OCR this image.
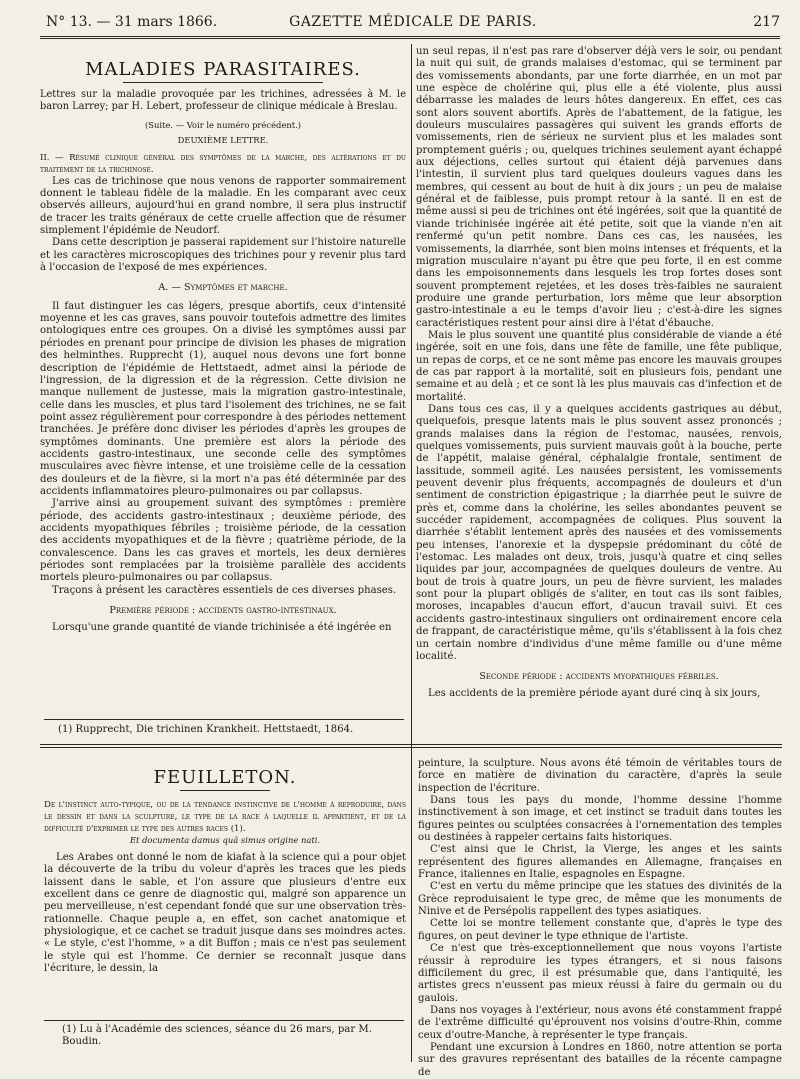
N° 13. — 31 mars 1866.	GAZETTE MÉDICALE DE PARIS.	217
MALADIES PARASITAIRES.

Lettres sur la maladie provoquée par les trichines, adressées à M. le baron Larrey; par H. Lebert, professeur de clinique médicale à Breslau.

(Suite. — Voir le numéro précédent.)

DEUXIÈME LETTRE.

II. — Résumé clinique général des symptômes de la marche, des altérations et du traitement de la trichinose.

Les cas de trichinose que nous venons de rapporter sommairement donnent le tableau fidèle de la maladie. En les comparant avec ceux observés ailleurs, aujourd'hui en grand nombre, il sera plus instructif de tracer les traits généraux de cette cruelle affection que de résumer simplement l'épidémie de Neudorf.

Dans cette description je passerai rapidement sur l'histoire naturelle et les caractères microscopiques des trichines pour y revenir plus tard à l'occasion de l'exposé de mes expériences.

A. — Symptômes et marche.

Il faut distinguer les cas légers, presque abortifs, ceux d'intensité moyenne et les cas graves, sans pouvoir toutefois admettre des limites ontologiques entre ces groupes. On a divisé les symptômes aussi par périodes en prenant pour principe de division les phases de migration des helminthes. Rupprecht (1), auquel nous devons une fort bonne description de l'épidémie de Hettstaedt, admet ainsi la période de l'ingression, de la digression et de la régression. Cette division ne manque nullement de justesse, mais la migration gastro-intestinale, celle dans les muscles, et plus tard l'isolement des trichines, ne se fait point assez régulièrement pour correspondre à des périodes nettement tranchées. Je préfère donc diviser les périodes d'après les groupes de symptômes dominants. Une première est alors la période des accidents gastro-intestinaux, une seconde celle des symptômes musculaires avec fièvre intense, et une troisième celle de la cessation des douleurs et de la fièvre, si la mort n'a pas été déterminée par des accidents inflammatoires pleuro-pulmonaires ou par collapsus.

J'arrive ainsi au groupement suivant des symptômes : première période, des accidents gastro-intestinaux ; deuxième période, des accidents myopathiques fébriles ; troisième période, de la cessation des accidents myopathiques et de la fièvre ; quatrième période, de la convalescence. Dans les cas graves et mortels, les deux dernières périodes sont remplacées par la troisième parallèle des accidents mortels pleuro-pulmonaires ou par collapsus.

Traçons à présent les caractères essentiels de ces diverses phases.

Première période : accidents gastro-intestinaux.

Lorsqu'une grande quantité de viande trichinisée a été ingérée en

(1) Rupprecht, Die trichinen Krankheit. Hettstaedt, 1864.

un seul repas, il n'est pas rare d'observer déjà vers le soir, ou pendant la nuit qui suit, de grands malaises d'estomac, qui se terminent par des vomissements abondants, par une forte diarrhée, en un mot par une espèce de cholérine qui, plus elle a été violente, plus aussi débarrasse les malades de leurs hôtes dangereux. En effet, ces cas sont alors souvent abortifs. Après de l'abattement, de la fatigue, les douleurs musculaires passagères qui suivent les grands efforts de vomissements, rien de sérieux ne survient plus et les malades sont promptement guéris ; ou, quelques trichines seulement ayant échappé aux déjections, celles surtout qui étaient déjà parvenues dans l'intestin, il survient plus tard quelques douleurs vagues dans les membres, qui cessent au bout de huit à dix jours ; un peu de malaise général et de faiblesse, puis prompt retour à la santé. Il en est de même aussi si peu de trichines ont été ingérées, soit que la quantité de viande trichinisée ingérée ait été petite, soit que la viande n'en ait renfermé qu'un petit nombre. Dans ces cas, les nausées, les vomissements, la diarrhée, sont bien moins intenses et fréquents, et la migration musculaire n'ayant pu être que peu forte, il en est comme dans les empoisonnements dans lesquels les trop fortes doses sont souvent promptement rejetées, et les doses très-faibles ne sauraient produire une grande perturbation, lors même que leur absorption gastro-intestinale a eu le temps d'avoir lieu ; c'est-à-dire les signes caractéristiques restent pour ainsi dire à l'état d'ébauche.

Mais le plus souvent une quantité plus considérable de viande a été ingérée, soit en une fois, dans une fête de famille, une fête publique, un repas de corps, et ce ne sont même pas encore les mauvais groupes de cas par rapport à la mortalité, soit en plusieurs fois, pendant une semaine et au delà ; et ce sont là les plus mauvais cas d'infection et de mortalité.

Dans tous ces cas, il y a quelques accidents gastriques au début, quelquefois, presque latents mais le plus souvent assez prononcés ; grands malaises dans la région de l'estomac, nausées, renvois, quelques vomissements, puis survient mauvais goût à la bouche, perte de l'appétit, malaise général, céphalalgie frontale, sentiment de lassitude, sommeil agité. Les nausées persistent, les vomissements peuvent devenir plus fréquents, accompagnés de douleurs et d'un sentiment de constriction épigastrique ; la diarrhée peut le suivre de près et, comme dans la cholérine, les selles abondantes peuvent se succéder rapidement, accompagnées de coliques. Plus souvent la diarrhée s'établit lentement après des nausées et des vomissements peu intenses, l'anorexie et la dyspepsie prédominant du côté de l'estomac. Les malades ont deux, trois, jusqu'à quatre et cinq selles liquides par jour, accompagnées de quelques douleurs de ventre. Au bout de trois à quatre jours, un peu de fièvre survient, les malades sont pour la plupart obligés de s'aliter, en tout cas ils sont faibles, moroses, incapables d'aucun effort, d'aucun travail suivi. Et ces accidents gastro-intestinaux singuliers ont ordinairement encore cela de frappant, de caractéristique même, qu'ils s'établissent à la fois chez un certain nombre d'individus d'une même famille ou d'une même localité.

Seconde période : accidents myopathiques fébriles.

Les accidents de la première période ayant duré cinq à six jours,

FEUILLETON.

De l'instinct auto-typique, ou de la tendance instinctive de l'homme à reproduire, dans le dessin et dans la sculpture, le type de la race à laquelle il appartient, et de la difficulté d'exprimer le type des autres races (1).

Et documenta damus quâ simus origine nati.

Les Arabes ont donné le nom de kiafat à la science qui a pour objet la découverte de la tribu du voleur d'après les traces que les pieds laissent dans le sable, et l'on assure que plusieurs d'entre eux excellent dans ce genre de diagnostic qui, malgré son apparence un peu merveilleuse, n'est cependant fondé que sur une observation très-rationnelle. Chaque peuple a, en effet, son cachet anatomique et physiologique, et ce cachet se traduit jusque dans ses moindres actes. « Le style, c'est l'homme, » a dit Buffon ; mais ce n'est pas seulement le style qui est l'homme. Ce dernier se reconnaît jusque dans l'écriture, le dessin, la

(1) Lu à l'Académie des sciences, séance du 26 mars, par M. Boudin.

peinture, la sculpture. Nous avons été témoin de véritables tours de force en matière de divination du caractère, d'après la seule inspection de l'écriture.

Dans tous les pays du monde, l'homme dessine l'homme instinctivement à son image, et cet instinct se traduit dans toutes les figures peintes ou sculptées consacrées à l'ornementation des temples ou destinées à rappeler certains faits historiques.

C'est ainsi que le Christ, la Vierge, les anges et les saints représentent des figures allemandes en Allemagne, françaises en France, italiennes en Italie, espagnoles en Espagne.

C'est en vertu du même principe que les statues des divinités de la Grèce reproduisaient le type grec, de même que les monuments de Ninive et de Persépolis rappellent des types asiatiques.

Cette loi se montre tellement constante que, d'après le type des figures, on peut deviner le type ethnique de l'artiste.

Ce n'est que très-exceptionnellement que nous voyons l'artiste réussir à reproduire les types étrangers, et si nous faisons difficilement du grec, il est présumable que, dans l'antiquité, les artistes grecs n'eussent pas mieux réussi à faire du germain ou du gaulois.

Dans nos voyages à l'extérieur, nous avons été constamment frappé de l'extrême difficulté qu'éprouvent nos voisins d'outre-Rhin, comme ceux d'outre-Manche, à représenter le type français.

Pendant une excursion à Londres en 1860, notre attention se porta sur des gravures représentant des batailles de la récente campagne de
